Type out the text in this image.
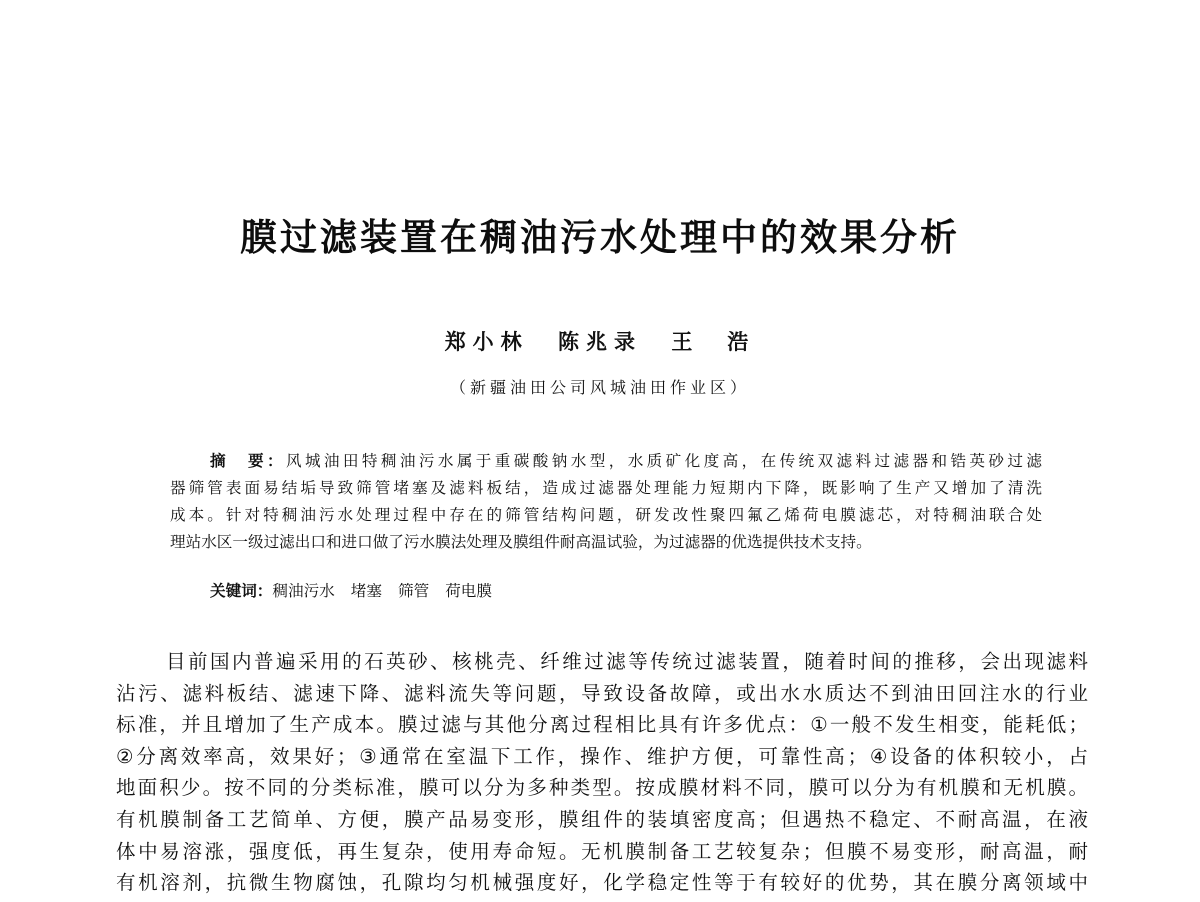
膜过滤装置在稠油污水处理中的效果分析
郑小林 陈兆录 王　浩
（新疆油田公司风城油田作业区）
摘　要：风城油田特稠油污水属于重碳酸钠水型，水质矿化度高，在传统双滤料过滤器和锆英砂过滤
器筛管表面易结垢导致筛管堵塞及滤料板结，造成过滤器处理能力短期内下降，既影响了生产又增加了清洗
成本。针对特稠油污水处理过程中存在的筛管结构问题，研发改性聚四氟乙烯荷电膜滤芯，对特稠油联合处
理站水区一级过滤出口和进口做了污水膜法处理及膜组件耐高温试验，为过滤器的优选提供技术支持。
关键词：稠油污水 堵塞 筛管 荷电膜
目前国内普遍采用的石英砂、核桃壳、纤维过滤等传统过滤装置，随着时间的推移，会出现滤料
沾污、滤料板结、滤速下降、滤料流失等问题，导致设备故障，或出水水质达不到油田回注水的行业
标准，并且增加了生产成本。膜过滤与其他分离过程相比具有许多优点：①一般不发生相变，能耗低；
②分离效率高，效果好；③通常在室温下工作，操作、维护方便，可靠性高；④设备的体积较小，占
地面积少。按不同的分类标准，膜可以分为多种类型。按成膜材料不同，膜可以分为有机膜和无机膜。
有机膜制备工艺简单、方便，膜产品易变形，膜组件的装填密度高；但遇热不稳定、不耐高温，在液
体中易溶涨，强度低，再生复杂，使用寿命短。无机膜制备工艺较复杂；但膜不易变形，耐高温，耐
有机溶剂，抗微生物腐蚀，孔隙均匀机械强度好，化学稳定性等于有较好的优势，其在膜分离领域中
